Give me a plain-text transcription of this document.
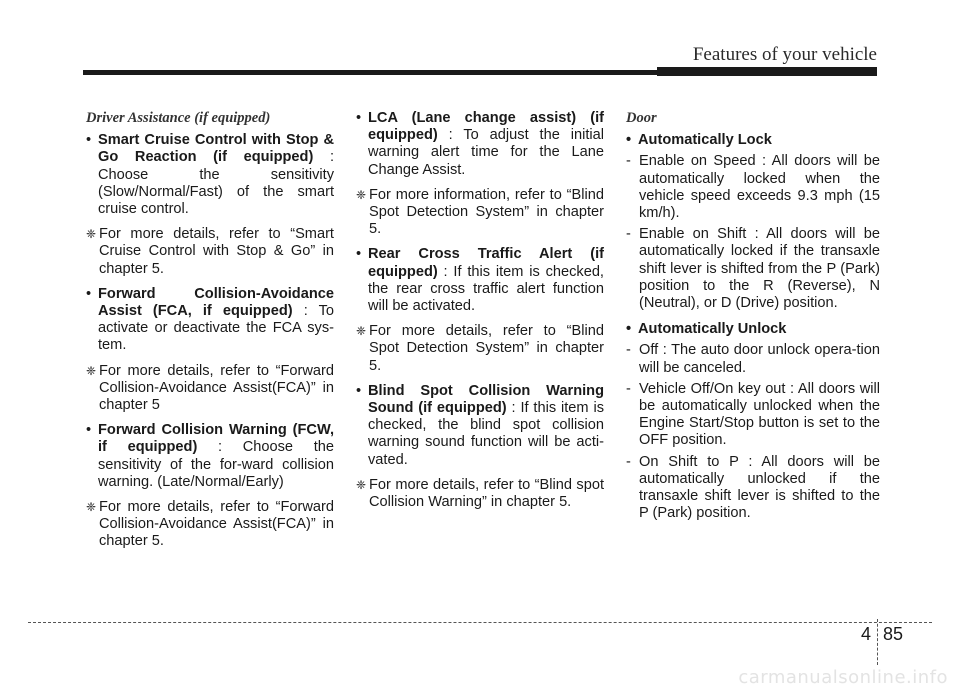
Features of your vehicle
Driver Assistance (if equipped)
• Smart Cruise Control with Stop & Go Reaction (if equipped) : Choose the sensitivity (Slow/Normal/Fast) of the smart cruise control.
❈ For more details, refer to “Smart Cruise Control with Stop & Go” in chapter 5.
• Forward Collision-Avoidance Assist (FCA, if equipped) : To activate or deactivate the FCA sys-tem.
❈ For more details, refer to “Forward Collision-Avoidance Assist(FCA)” in chapter 5
• Forward Collision Warning (FCW, if equipped) : Choose the sensitivity of the for-ward collision warning. (Late/Normal/Early)
❈ For more details, refer to “Forward Collision-Avoidance Assist(FCA)” in chapter 5.
• LCA (Lane change assist) (if equipped) : To adjust the initial warning alert time for the Lane Change Assist.
❈ For more information, refer to “Blind Spot Detection System” in chapter 5.
• Rear Cross Traffic Alert (if equipped) : If this item is checked, the rear cross traffic alert function will be activated.
❈ For more details, refer to “Blind Spot Detection System” in chapter 5.
• Blind Spot Collision Warning Sound (if equipped) : If this item is checked, the blind spot collision warning sound function will be acti-vated.
❈ For more details, refer to “Blind spot Collision Warning” in chapter 5.
Door
• Automatically Lock
- Enable on Speed : All doors will be automatically locked when the vehicle speed exceeds 9.3 mph (15 km/h).
- Enable on Shift : All doors will be automatically locked if the transaxle shift lever is shifted from the P (Park) position to the R (Reverse), N (Neutral), or D (Drive) position.
• Automatically Unlock
- Off : The auto door unlock opera-tion will be canceled.
- Vehicle Off/On key out : All doors will be automatically unlocked when the Engine Start/Stop button is set to the OFF position.
- On Shift to P : All doors will be automatically unlocked if the transaxle shift lever is shifted to the P (Park) position.
4 85
carmanualsonline.info
